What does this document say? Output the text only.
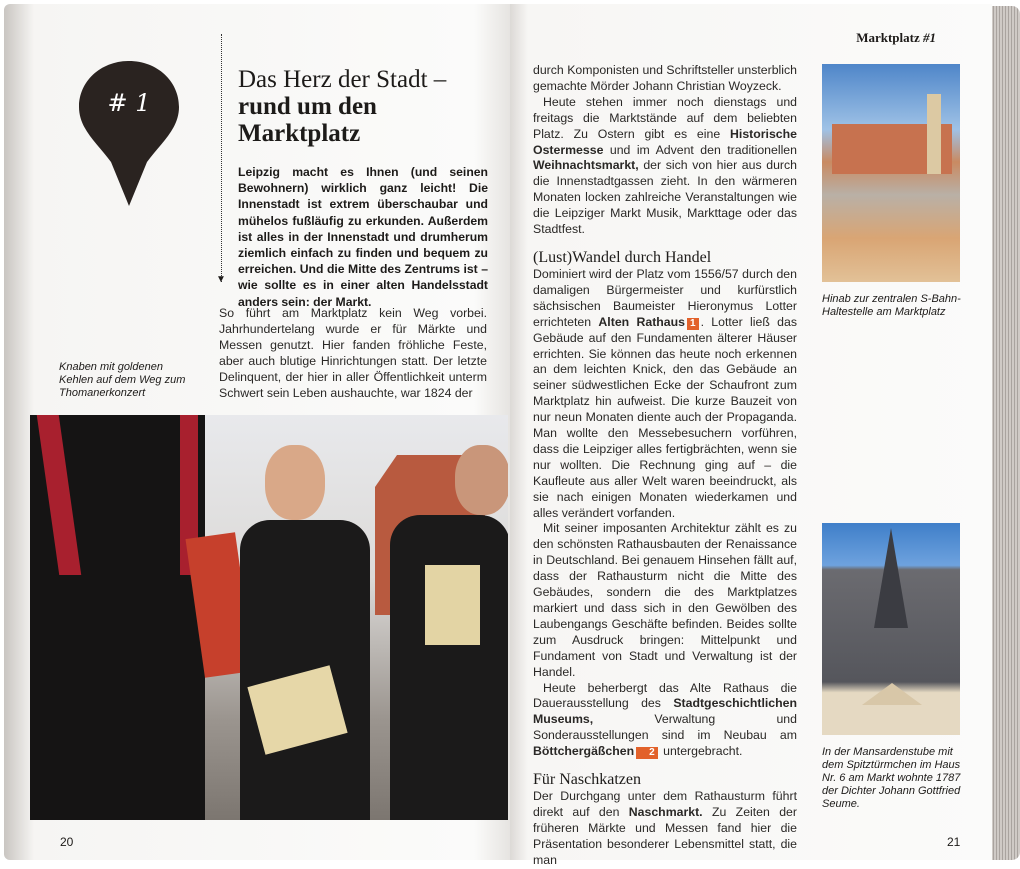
# 1
▼
Das Herz der Stadt –
rund um den
Marktplatz
Leipzig macht es Ihnen (und seinen Bewohnern) wirklich ganz leicht! Die Innenstadt ist extrem überschaubar und mühelos fußläufig zu erkunden. Außerdem ist alles in der Innenstadt und drumherum ziemlich einfach zu finden und bequem zu erreichen. Und die Mitte des Zentrums ist – wie sollte es in einer alten Handelsstadt anders sein: der Markt.

So führt am Marktplatz kein Weg vorbei. Jahrhundertelang wurde er für Märkte und Messen genutzt. Hier fanden fröhliche Feste, aber auch blutige Hinrichtungen statt. Der letzte Delinquent, der hier in aller Öffentlichkeit unterm Schwert sein Leben aushauchte, war 1824 der

Knaben mit goldenen Kehlen auf dem Weg zum Thomanerkonzert
20
Marktplatz #1

durch Komponisten und Schriftsteller unsterblich gemachte Mörder Johann Christian Woyzeck.

Heute stehen immer noch dienstags und freitags die Marktstände auf dem beliebten Platz. Zu Ostern gibt es eine Historische Ostermesse und im Advent den traditionellen Weihnachtsmarkt, der sich von hier aus durch die Innenstadtgassen zieht. In den wärmeren Monaten locken zahlreiche Veranstaltungen wie die Leipziger Markt Musik, Markttage oder das Stadtfest.

(Lust)Wandel durch Handel

Dominiert wird der Platz vom 1556/57 durch den damaligen Bürgermeister und kurfürstlich sächsischen Baumeister Hieronymus Lotter errichteten Alten Rathaus 1 . Lotter ließ das Gebäude auf den Fundamenten älterer Häuser errichten. Sie können das heute noch erkennen an dem leichten Knick, den das Gebäude an seiner südwestlichen Ecke der Schaufront zum Marktplatz hin aufweist. Die kurze Bauzeit von nur neun Monaten diente auch der Propaganda. Man wollte den Messebesuchern vorführen, dass die Leipziger alles fertigbrächten, wenn sie nur wollten. Die Rechnung ging auf – die Kaufleute aus aller Welt waren beeindruckt, als sie nach einigen Monaten wiederkamen und alles verändert vorfanden.

Mit seiner imposanten Architektur zählt es zu den schönsten Rathausbauten der Renaissance in Deutschland. Bei genauem Hinsehen fällt auf, dass der Rathausturm nicht die Mitte des Gebäudes, sondern die des Marktplatzes markiert und dass sich in den Gewölben des Laubengangs Geschäfte befinden. Beides sollte zum Ausdruck bringen: Mittelpunkt und Fundament von Stadt und Verwaltung ist der Handel.

Heute beherbergt das Alte Rathaus die Dauerausstellung des Stadtgeschichtlichen Museums, Verwaltung und Sonderausstellungen sind im Neubau am Böttchergäßchen 2 untergebracht.

Für Naschkatzen

Der Durchgang unter dem Rathausturm führt direkt auf den Naschmarkt. Zu Zeiten der früheren Märkte und Messen fand hier die Präsentation besonderer Lebensmittel statt, die man

Hinab zur zentralen S-Bahn-Haltestelle am Marktplatz
In der Mansardenstube mit dem Spitztürmchen im Haus Nr. 6 am Markt wohnte 1787 der Dichter Johann Gottfried Seume.
21
